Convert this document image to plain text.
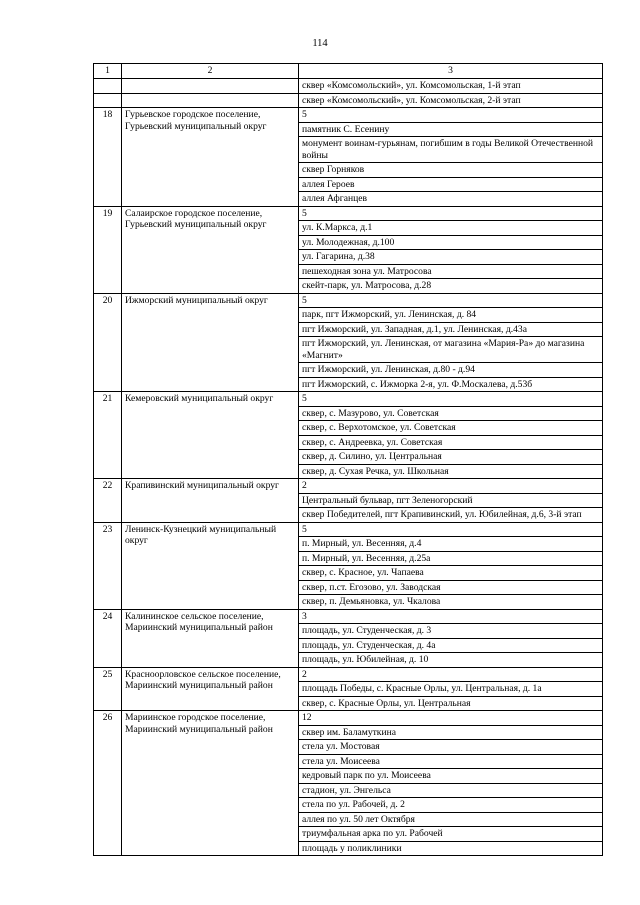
114
1	2	3
		сквер «Комсомольский», ул. Комсомольская, 1-й этап
		сквер «Комсомольский», ул. Комсомольская, 2-й этап
18	Гурьевское городское поселение, Гурьевский муниципальный округ	5
		памятник С. Есенину
		монумент воинам-гурьянам, погибшим в годы Великой Отечественной войны
		сквер Горняков
		аллея Героев
		аллея Афганцев
19	Салаирское городское поселение, Гурьевский муниципальный округ	5
		ул. К.Маркса, д.1
		ул. Молодежная, д.100
		ул. Гагарина, д.38
		пешеходная зона ул. Матросова
		скейт-парк, ул. Матросова, д.28
20	Ижморский муниципальный округ	5
		парк, пгт Ижморский, ул. Ленинская, д. 84
		пгт Ижморский, ул. Западная, д.1, ул. Ленинская, д.43а
		пгт Ижморский, ул. Ленинская, от магазина «Мария-Ра» до магазина «Магнит»
		пгт Ижморский, ул. Ленинская, д.80 - д.94
		пгт Ижморский, с. Ижморка 2-я, ул. Ф.Москалева, д.53б
21	Кемеровский муниципальный округ	5
		сквер, с. Мазурово, ул. Советская
		сквер, с. Верхотомское, ул. Советская
		сквер, с. Андреевка, ул. Советская
		сквер, д. Силино, ул. Центральная
		сквер, д. Сухая Речка, ул. Школьная
22	Крапивинский муниципальный округ	2
		Центральный бульвар, пгт Зеленогорский
		сквер Победителей, пгт Крапивинский, ул. Юбилейная, д.6, 3-й этап
23	Ленинск-Кузнецкий муниципальный округ	5
		п. Мирный, ул. Весенняя, д.4
		п. Мирный, ул. Весенняя, д.25а
		сквер, с. Красное, ул. Чапаева
		сквер, п.ст. Егозово, ул. Заводская
		сквер, п. Демьяновка, ул. Чкалова
24	Калининское сельское поселение, Мариинский муниципальный район	3
		площадь, ул. Студенческая, д. 3
		площадь, ул. Студенческая, д. 4а
		площадь, ул. Юбилейная, д. 10
25	Краснoорловское сельское поселение, Мариинский муниципальный район	2
		площадь Победы, с. Красные Орлы, ул. Центральная, д. 1а
		сквер, с. Красные Орлы, ул. Центральная
26	Мариинское городское поселение, Мариинский муниципальный район	12
		сквер им. Баламуткина
		стела ул. Мостовая
		стела ул. Моисеева
		кедровый парк по ул. Моисеева
		стадион, ул. Энгельса
		стела по ул. Рабочей, д. 2
		аллея по ул. 50 лет Октября
		триумфальная арка по ул. Рабочей
		площадь у поликлиники
